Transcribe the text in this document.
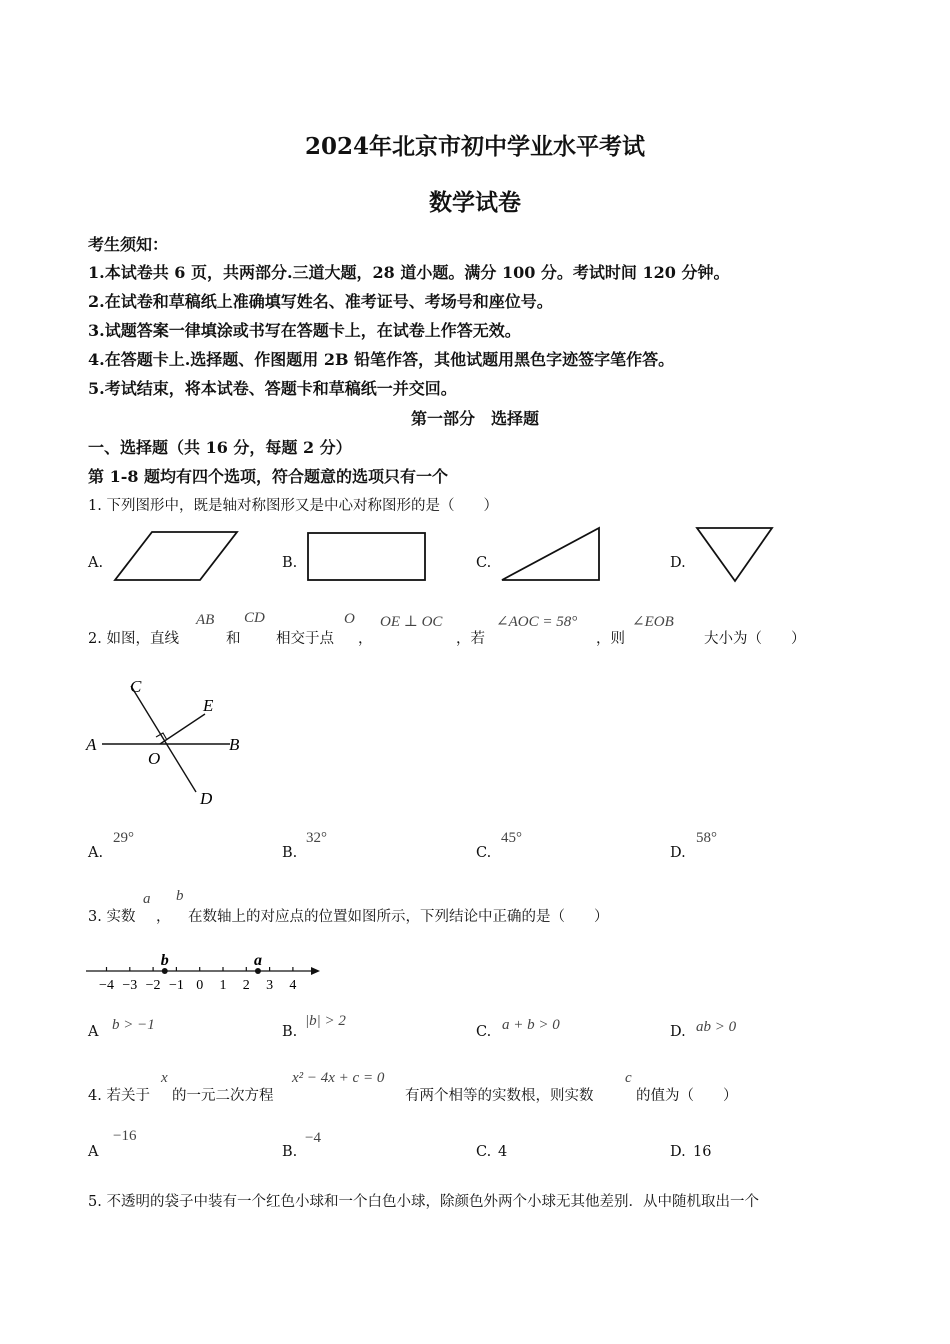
2024年北京市初中学业水平考试
数学试卷
考生须知：
1.本试卷共 6 页，共两部分.三道大题，28 道小题。满分 100 分。考试时间 120 分钟。
2.在试卷和草稿纸上准确填写姓名、准考证号、考场号和座位号。
3.试题答案一律填涂或书写在答题卡上，在试卷上作答无效。
4.在答题卡上.选择题、作图题用 2B 铅笔作答，其他试题用黑色字迹签字笔作答。
5.考试结束，将本试卷、答题卡和草稿纸一并交回。
第一部分　选择题
一、选择题（共 16 分，每题 2 分）
第 1-8 题均有四个选项，符合题意的选项只有一个
1. 下列图形中，既是轴对称图形又是中心对称图形的是（　　）
A.	B.	C.	D.
2. 如图，直线
AB
和
CD
相交于点
O
，
OE ⊥ OC
，若
∠AOC = 58°
，则
∠EOB
大小为（　　）
C
E
A
O
B
D
A.
29°
B.
32°
C.
45°
D.
58°
3. 实数
a
，
b
在数轴上的对应点的位置如图所示，下列结论中正确的是（　　）
−4 −3 −2 −1 0 1 2 3 4
b	a
A b > −1	B.
|b| > 2
C. a + b > 0	D. ab > 0
4. 若关于
x
的一元二次方程
x² − 4x + c = 0
有两个相等的实数根，则实数
c
的值为（　　）
A
−16
B.
−4
C. 4	D. 16
5. 不透明的袋子中装有一个红色小球和一个白色小球，除颜色外两个小球无其他差别．从中随机取出一个
